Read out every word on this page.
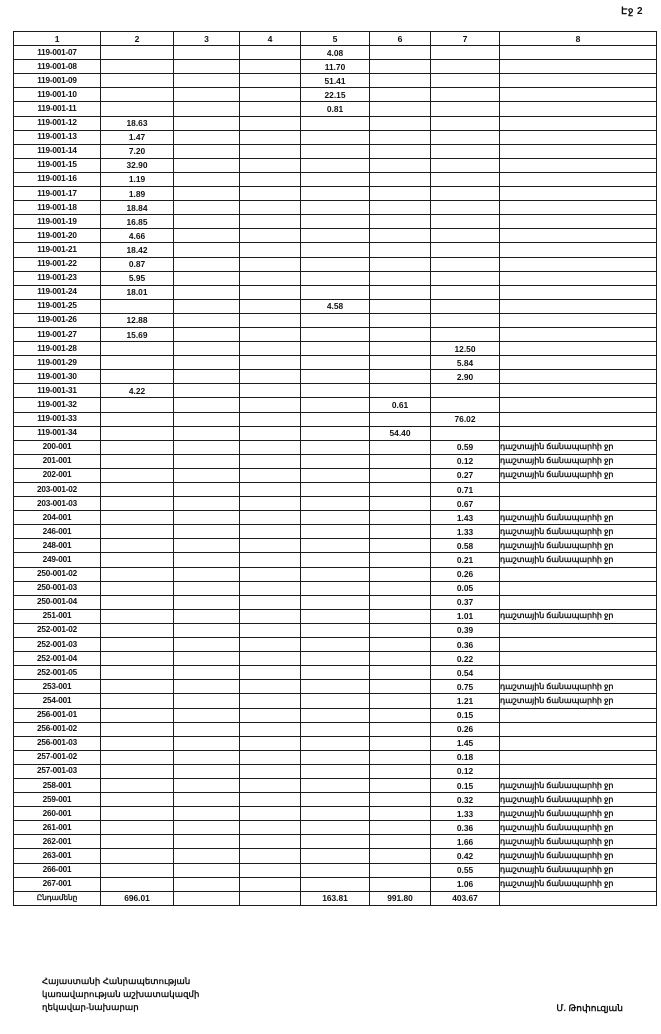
Էջ 2
1	2	3	4	5	6	7	8
119-001-07				4.08			
119-001-08				11.70			
119-001-09				51.41			
119-001-10				22.15			
119-001-11				0.81			
119-001-12	18.63						
119-001-13	1.47						
119-001-14	7.20						
119-001-15	32.90						
119-001-16	1.19						
119-001-17	1.89						
119-001-18	18.84						
119-001-19	16.85						
119-001-20	4.66						
119-001-21	18.42						
119-001-22	0.87						
119-001-23	5.95						
119-001-24	18.01						
119-001-25				4.58			
119-001-26	12.88						
119-001-27	15.69						
119-001-28						12.50	
119-001-29						5.84	
119-001-30						2.90	
119-001-31	4.22						
119-001-32					0.61		
119-001-33						76.02	
119-001-34					54.40		
200-001						0.59	դաշտային ճանապարհի ջր
201-001						0.12	դաշտային ճանապարհի ջր
202-001						0.27	դաշտային ճանապարհի ջր
203-001-02						0.71	
203-001-03						0.67	
204-001						1.43	դաշտային ճանապարհի ջր
246-001						1.33	դաշտային ճանապարհի ջր
248-001						0.58	դաշտային ճանապարհի ջր
249-001						0.21	դաշտային ճանապարհի ջր
250-001-02						0.26	
250-001-03						0.05	
250-001-04						0.37	
251-001						1.01	դաշտային ճանապարհի ջր
252-001-02						0.39	
252-001-03						0.36	
252-001-04						0.22	
252-001-05						0.54	
253-001						0.75	դաշտային ճանապարհի ջր
254-001						1.21	դաշտային ճանապարհի ջր
256-001-01						0.15	
256-001-02						0.26	
256-001-03						1.45	
257-001-02						0.18	
257-001-03						0.12	
258-001						0.15	դաշտային ճանապարհի ջր
259-001						0.32	դաշտային ճանապարհի ջր
260-001						1.33	դաշտային ճանապարհի ջր
261-001						0.36	դաշտային ճանապարհի ջր
262-001						1.66	դաշտային ճանապարհի ջր
263-001						0.42	դաշտային ճանապարհի ջր
266-001						0.55	դաշտային ճանապարհի ջր
267-001						1.06	դաշտային ճանապարհի ջր
Ընդամենը	696.01			163.81	991.80	403.67	
Հայաստանի Հանրապետության
կառավարության աշխատակազմի
ղեկավար-նախարար	Մ. Թոփուզյան
